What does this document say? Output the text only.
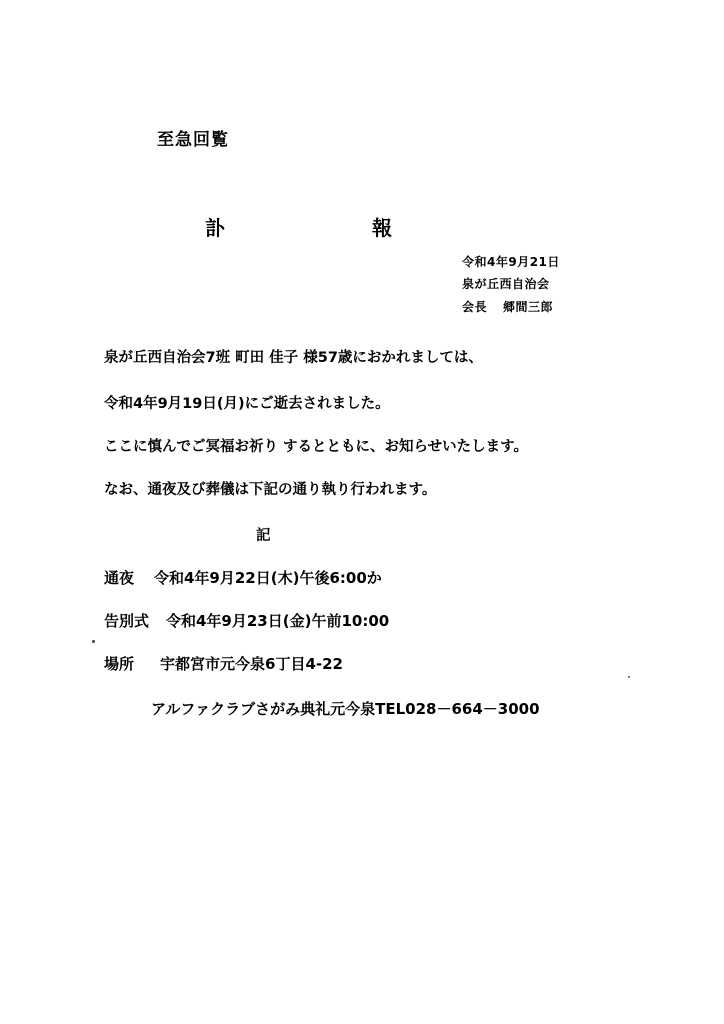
至急回覧
訃	報
令和4年9月21日
泉が丘西自治会
会長 郷間三郎
泉が丘西自治会7班 町田 佳子 様57歳におかれましては、
令和4年9月19日(月)にご逝去されました。
ここに慎んでご冥福お祈り するとともに、お知らせいたします。
なお、通夜及び葬儀は下記の通り執り行われます。
記
通夜 令和4年9月22日(木)午後6:00か
告別式 令和4年9月23日(金)午前10:00
場所 宇都宮市元今泉6丁目4-22
アルファクラブさがみ典礼元今泉TEL028－664－3000
